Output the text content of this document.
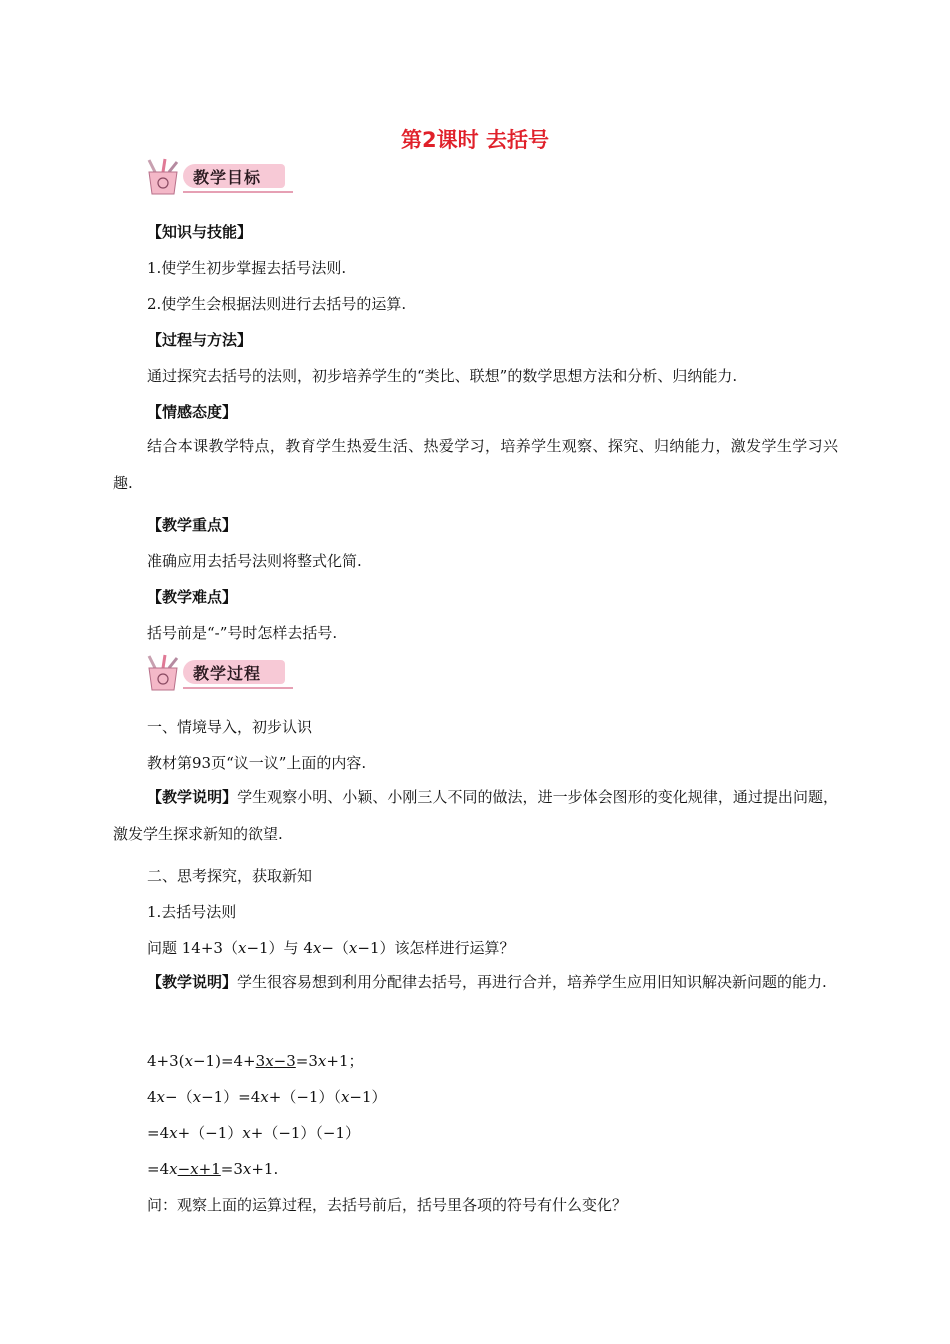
第2课时 去括号
教学目标
【知识与技能】
1.使学生初步掌握去括号法则.
2.使学生会根据法则进行去括号的运算.
【过程与方法】
通过探究去括号的法则，初步培养学生的“类比、联想”的数学思想方法和分析、归纳能力.
【情感态度】
结合本课教学特点，教育学生热爱生活、热爱学习，培养学生观察、探究、归纳能力，激发学生学习兴趣.
【教学重点】
准确应用去括号法则将整式化简.
【教学难点】
括号前是“-”号时怎样去括号.
教学过程
一、情境导入，初步认识
教材第93页“议一议”上面的内容.
【教学说明】学生观察小明、小颖、小刚三人不同的做法，进一步体会图形的变化规律，通过提出问题，激发学生探求新知的欲望.
二、思考探究，获取新知
1.去括号法则
问题 14+3（x−1）与 4x−（x−1）该怎样进行运算？
【教学说明】学生很容易想到利用分配律去括号，再进行合并，培养学生应用旧知识解决新问题的能力.
4+3(x−1)=4+3x−3=3x+1；
4x−（x−1）=4x+（−1）（x−1）
=4x+（−1）x+（−1）（−1）
=4x−x+1=3x+1.
问：观察上面的运算过程，去括号前后，括号里各项的符号有什么变化？
